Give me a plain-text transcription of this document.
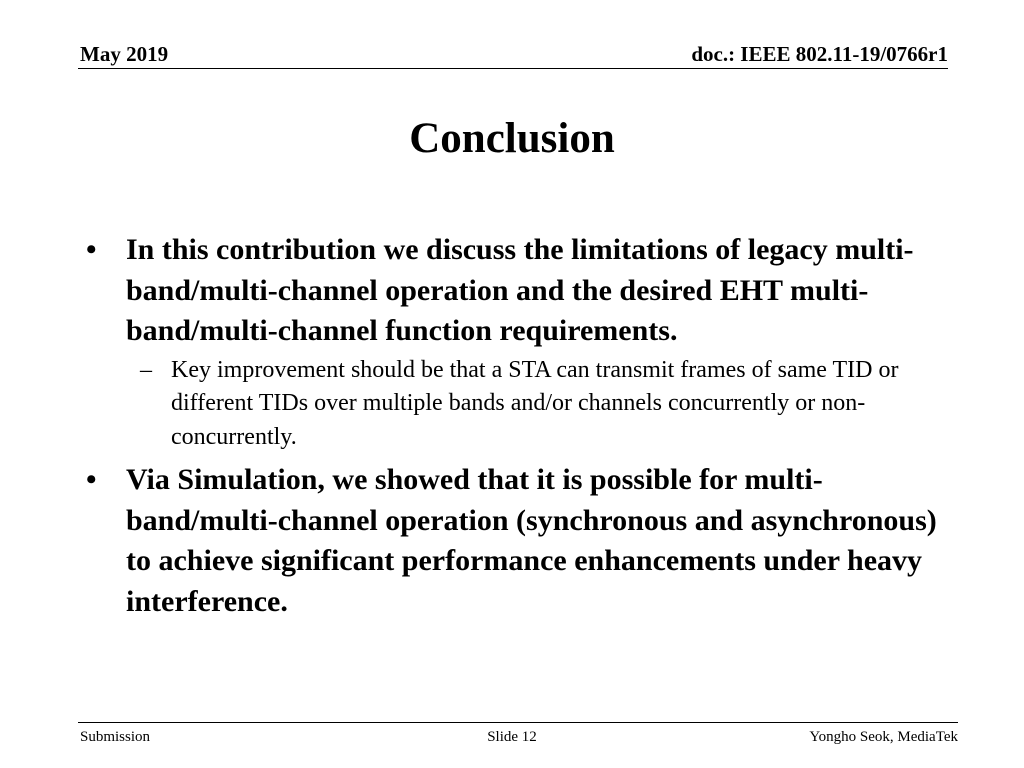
May 2019	doc.: IEEE 802.11-19/0766r1
Conclusion
• In this contribution we discuss the limitations of legacy multi-band/multi-channel operation and the desired EHT multi-band/multi-channel function requirements.
– Key improvement should be that a STA can transmit frames of same TID or different TIDs over multiple bands and/or channels concurrently or non-concurrently.
• Via Simulation, we showed that it is possible for multi-band/multi-channel operation (synchronous and asynchronous) to achieve significant performance enhancements under heavy interference.
Submission	Slide 12	Yongho Seok, MediaTek
